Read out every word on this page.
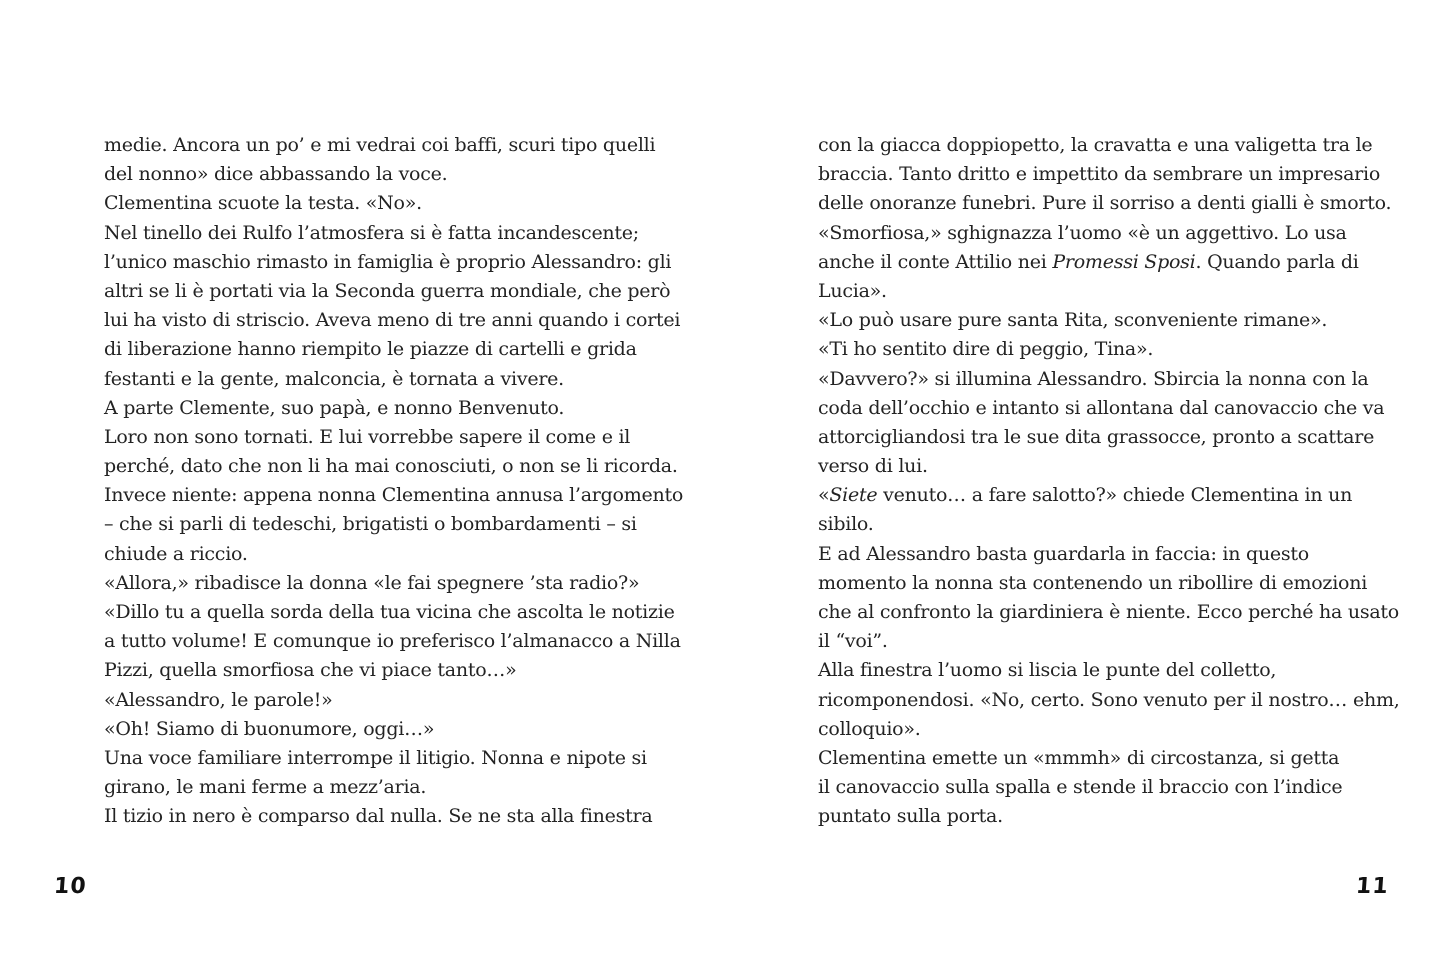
medie. Ancora un po’ e mi vedrai coi baffi, scuri tipo quelli
del nonno» dice abbassando la voce.
Clementina scuote la testa. «No».
Nel tinello dei Rulfo l’atmosfera si è fatta incandescente;
l’unico maschio rimasto in famiglia è proprio Alessandro: gli
altri se li è portati via la Seconda guerra mondiale, che però
lui ha visto di striscio. Aveva meno di tre anni quando i cortei
di liberazione hanno riempito le piazze di cartelli e grida
festanti e la gente, malconcia, è tornata a vivere.
A parte Clemente, suo papà, e nonno Benvenuto.
Loro non sono tornati. E lui vorrebbe sapere il come e il
perché, dato che non li ha mai conosciuti, o non se li ricorda.
Invece niente: appena nonna Clementina annusa l’argomento
– che si parli di tedeschi, brigatisti o bombardamenti – si
chiude a riccio.
«Allora,» ribadisce la donna «le fai spegnere ’sta radio?»
«Dillo tu a quella sorda della tua vicina che ascolta le notizie
a tutto volume! E comunque io preferisco l’almanacco a Nilla
Pizzi, quella smorfiosa che vi piace tanto…»
«Alessandro, le parole!»
«Oh! Siamo di buonumore, oggi…»
Una voce familiare interrompe il litigio. Nonna e nipote si
girano, le mani ferme a mezz’aria.
Il tizio in nero è comparso dal nulla. Se ne sta alla finestra
10
con la giacca doppiopetto, la cravatta e una valigetta tra le
braccia. Tanto dritto e impettito da sembrare un impresario
delle onoranze funebri. Pure il sorriso a denti gialli è smorto.
«Smorfiosa,» sghignazza l’uomo «è un aggettivo. Lo usa
anche il conte Attilio nei Promessi Sposi. Quando parla di
Lucia».
«Lo può usare pure santa Rita, sconveniente rimane».
«Ti ho sentito dire di peggio, Tina».
«Davvero?» si illumina Alessandro. Sbircia la nonna con la
coda dell’occhio e intanto si allontana dal canovaccio che va
attorcigliandosi tra le sue dita grassocce, pronto a scattare
verso di lui.
«Siete venuto… a fare salotto?» chiede Clementina in un
sibilo.
E ad Alessandro basta guardarla in faccia: in questo
momento la nonna sta contenendo un ribollire di emozioni
che al confronto la giardiniera è niente. Ecco perché ha usato
il “voi”.
Alla finestra l’uomo si liscia le punte del colletto,
ricomponendosi. «No, certo. Sono venuto per il nostro… ehm,
colloquio».
Clementina emette un «mmmh» di circostanza, si getta
il canovaccio sulla spalla e stende il braccio con l’indice
puntato sulla porta.
11
